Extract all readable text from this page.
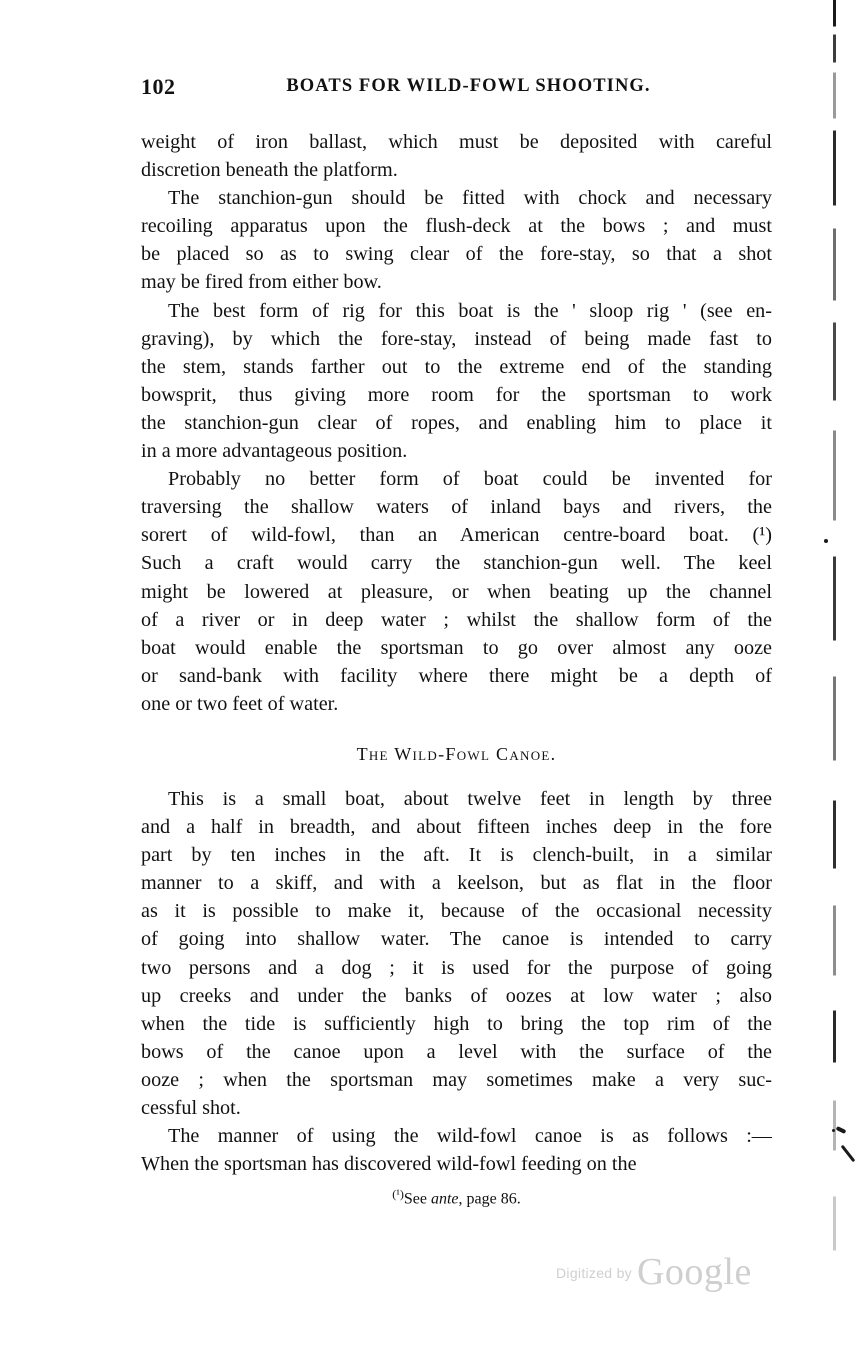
102	BOATS FOR WILD-FOWL SHOOTING.

weight of iron ballast, which must be deposited with careful
discretion beneath the platform.

The stanchion-gun should be fitted with chock and necessary
recoiling apparatus upon the flush-deck at the bows ; and must
be placed so as to swing clear of the fore-stay, so that a shot
may be fired from either bow.

The best form of rig for this boat is the ' sloop rig ' (see en-
graving), by which the fore-stay, instead of being made fast to
the stem, stands farther out to the extreme end of the standing
bowsprit, thus giving more room for the sportsman to work
the stanchion-gun clear of ropes, and enabling him to place it
in a more advantageous position.

Probably no better form of boat could be invented for
traversing the shallow waters of inland bays and rivers, the
sorert of wild-fowl, than an American centre-board boat. (¹)
Such a craft would carry the stanchion-gun well. The keel
might be lowered at pleasure, or when beating up the channel
of a river or in deep water ; whilst the shallow form of the
boat would enable the sportsman to go over almost any ooze
or sand-bank with facility where there might be a depth of
one or two feet of water.

The Wild-Fowl Canoe.

This is a small boat, about twelve feet in length by three
and a half in breadth, and about fifteen inches deep in the fore
part by ten inches in the aft. It is clench-built, in a similar
manner to a skiff, and with a keelson, but as flat in the floor
as it is possible to make it, because of the occasional necessity
of going into shallow water. The canoe is intended to carry
two persons and a dog ; it is used for the purpose of going
up creeks and under the banks of oozes at low water ; also
when the tide is sufficiently high to bring the top rim of the
bows of the canoe upon a level with the surface of the
ooze ; when the sportsman may sometimes make a very suc-
cessful shot.

The manner of using the wild-fowl canoe is as follows :—
When the sportsman has discovered wild-fowl feeding on the

$^{(^1)}$See ante, page 86.
Digitized by Google
